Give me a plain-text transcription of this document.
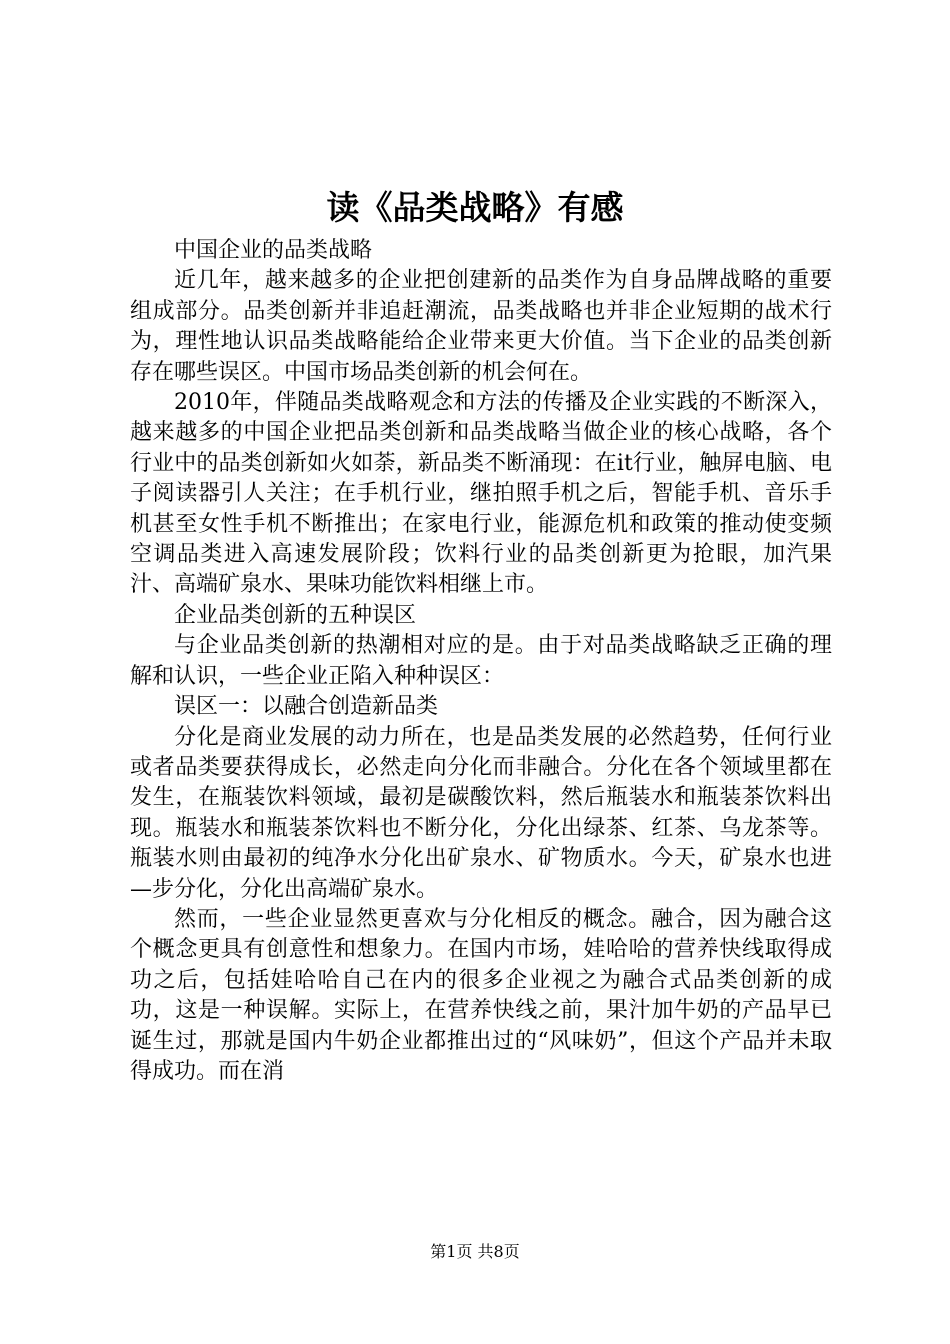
读《品类战略》有感

中国企业的品类战略

近几年，越来越多的企业把创建新的品类作为自身品牌战略的重要组成部分。品类创新并非追赶潮流，品类战略也并非企业短期的战术行为，理性地认识品类战略能给企业带来更大价值。当下企业的品类创新存在哪些误区。中国市场品类创新的机会何在。

2010年，伴随品类战略观念和方法的传播及企业实践的不断深入，越来越多的中国企业把品类创新和品类战略当做企业的核心战略，各个行业中的品类创新如火如荼，新品类不断涌现：在it行业，触屏电脑、电子阅读器引人关注；在手机行业，继拍照手机之后，智能手机、音乐手机甚至女性手机不断推出；在家电行业，能源危机和政策的推动使变频空调品类进入高速发展阶段；饮料行业的品类创新更为抢眼，加汽果汁、高端矿泉水、果味功能饮料相继上市。

企业品类创新的五种误区

与企业品类创新的热潮相对应的是。由于对品类战略缺乏正确的理解和认识，一些企业正陷入种种误区：

误区一：以融合创造新品类

分化是商业发展的动力所在，也是品类发展的必然趋势，任何行业或者品类要获得成长，必然走向分化而非融合。分化在各个领域里都在发生，在瓶装饮料领域，最初是碳酸饮料，然后瓶装水和瓶装茶饮料出现。瓶装水和瓶装茶饮料也不断分化，分化出绿茶、红茶、乌龙茶等。瓶装水则由最初的纯净水分化出矿泉水、矿物质水。今天，矿泉水也进—步分化，分化出高端矿泉水。

然而，一些企业显然更喜欢与分化相反的概念。融合，因为融合这个概念更具有创意性和想象力。在国内市场，娃哈哈的营养快线取得成功之后，包括娃哈哈自己在内的很多企业视之为融合式品类创新的成功，这是一种误解。实际上，在营养快线之前，果汁加牛奶的产品早已诞生过，那就是国内牛奶企业都推出过的“风味奶”，但这个产品并未取得成功。而在消

第1页 共8页
